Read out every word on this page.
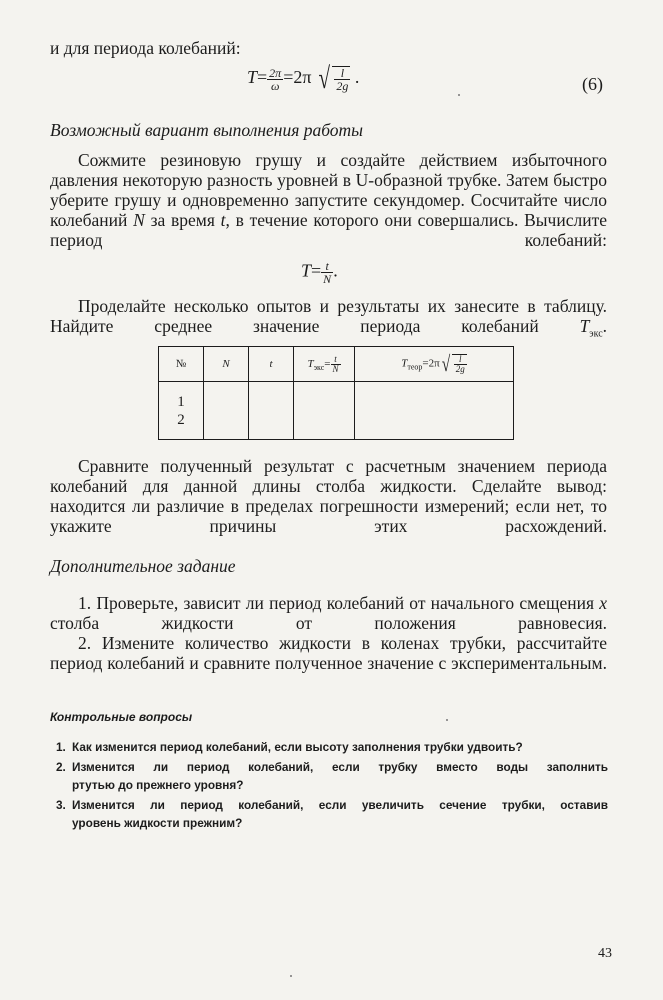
и для периода колебаний:

$T= \frac{2\pi}{\omega} =2\pi$ √ $\frac{l}{2g}$ .	(6)

Возможный вариант выполнения работы

Сожмите резиновую грушу и создайте действием избыточного давления некоторую разность уровней в U-образной трубке. Затем быстро уберите грушу и одновременно запустите секундомер. Сосчитайте число колебаний N за время t, в течение которого они совершались. Вычислите период колебаний:

$T= \frac{t}{N}$ .

Проделайте несколько опытов и результаты их занесите в таблицу. Найдите среднее значение периода колебаний $T_{экс}$.

№	N	t	$T_{экс}= \frac{t}{N}$	$T_{теор}=2\pi√ \frac{l}{2g}$

1
2				

Сравните полученный результат с расчетным значением периода колебаний для данной длины столба жидкости. Сделайте вывод: находится ли различие в пределах погрешности измерений; если нет, то укажите причины этих расхождений.

Дополнительное задание

1. Проверьте, зависит ли период колебаний от начального смещения x столба жидкости от положения равновесия.

2. Измените количество жидкости в коленах трубки, рассчитайте период колебаний и сравните полученное значение с экспериментальным.

Контрольные вопросы
1. Как изменится период колебаний, если высоту заполнения трубки удвоить?
2. Изменится ли период колебаний, если трубку вместо воды заполнить
ртутью до прежнего уровня?
3. Изменится ли период колебаний, если увеличить сечение трубки, оставив
уровень жидкости прежним?
43
